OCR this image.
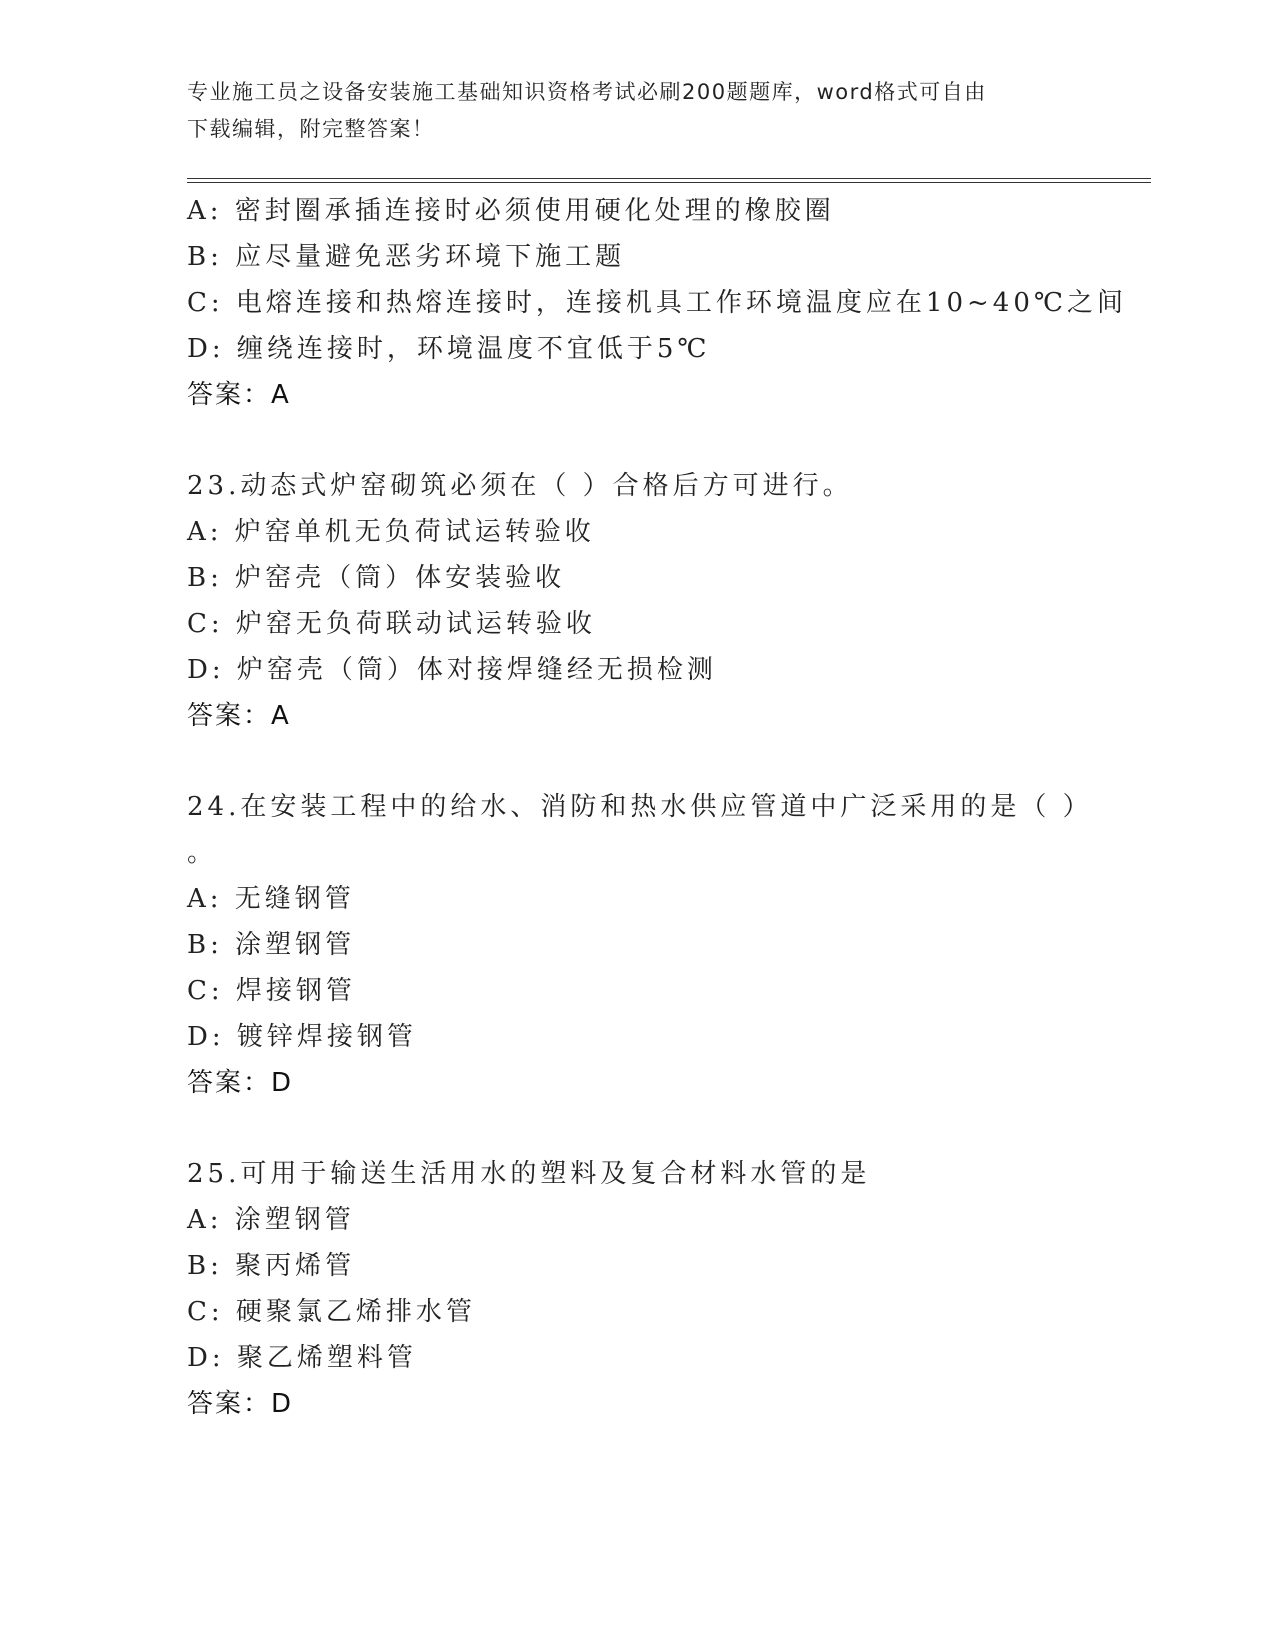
专业施工员之设备安装施工基础知识资格考试必刷200题题库，word格式可自由
下载编辑，附完整答案！
A: 密封圈承插连接时必须使用硬化处理的橡胶圈
B: 应尽量避免恶劣环境下施工题
C: 电熔连接和热熔连接时，连接机具工作环境温度应在10~40℃之间
D: 缠绕连接时，环境温度不宜低于5℃
答案：A
23.动态式炉窑砌筑必须在（ ）合格后方可进行。
A: 炉窑单机无负荷试运转验收
B: 炉窑壳（筒）体安装验收
C: 炉窑无负荷联动试运转验收
D: 炉窑壳（筒）体对接焊缝经无损检测
答案：A
24.在安装工程中的给水、消防和热水供应管道中广泛采用的是（ ）
。
A: 无缝钢管
B: 涂塑钢管
C: 焊接钢管
D: 镀锌焊接钢管
答案：D
25.可用于输送生活用水的塑料及复合材料水管的是
A: 涂塑钢管
B: 聚丙烯管
C: 硬聚氯乙烯排水管
D: 聚乙烯塑料管
答案：D
